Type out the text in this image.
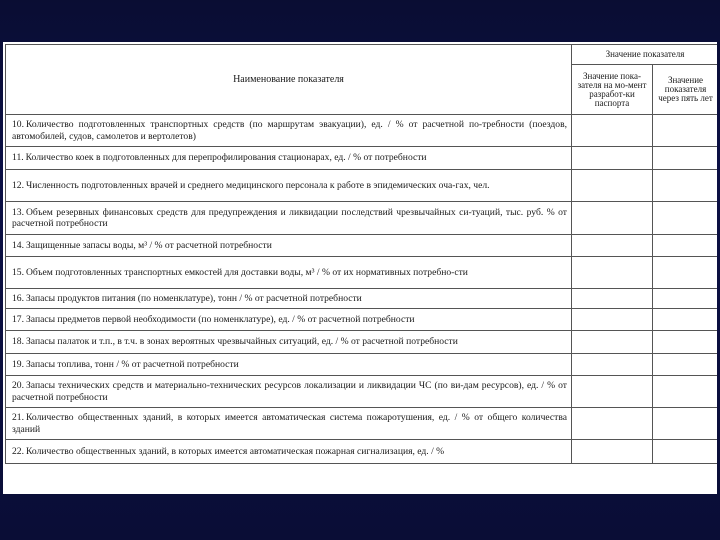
Наименование показателя	Значение показателя	
	Значение пока-зателя на мо-мент разработ-ки паспорта	Значение показателя через пять лет
10. Количество подготовленных транспортных средств (по маршрутам эвакуации), ед. / % от расчетной по-требности (поездов, автомобилей, судов, самолетов и вертолетов)		
11. Количество коек в подготовленных для перепрофилирования стационарах, ед. / % от потребности		
12. Численность подготовленных врачей и среднего медицинского персонала к работе в эпидемических оча-гах, чел.		
13. Объем резервных финансовых средств для предупреждения и ликвидации последствий чрезвычайных си-туаций, тыс. руб. % от расчетной потребности		
14. Защищенные запасы воды, м³ / % от расчетной потребности		
15. Объем подготовленных транспортных емкостей для доставки воды, м³ / % от их нормативных потребно-сти		
16. Запасы продуктов питания (по номенклатуре), тонн / % от расчетной потребности		
17. Запасы предметов первой необходимости (по номенклатуре), ед. / % от расчетной потребности		
18. Запасы палаток и т.п., в т.ч. в зонах вероятных чрезвычайных ситуаций, ед. / % от расчетной потребности		
19. Запасы топлива, тонн / % от расчетной потребности		
20. Запасы технических средств и материально-технических ресурсов локализации и ликвидации ЧС (по ви-дам ресурсов), ед. / % от расчетной потребности		
21. Количество общественных зданий, в которых имеется автоматическая система пожаротушения, ед. / % от общего количества зданий		
22. Количество общественных зданий, в которых имеется автоматическая пожарная сигнализация, ед. / %		
